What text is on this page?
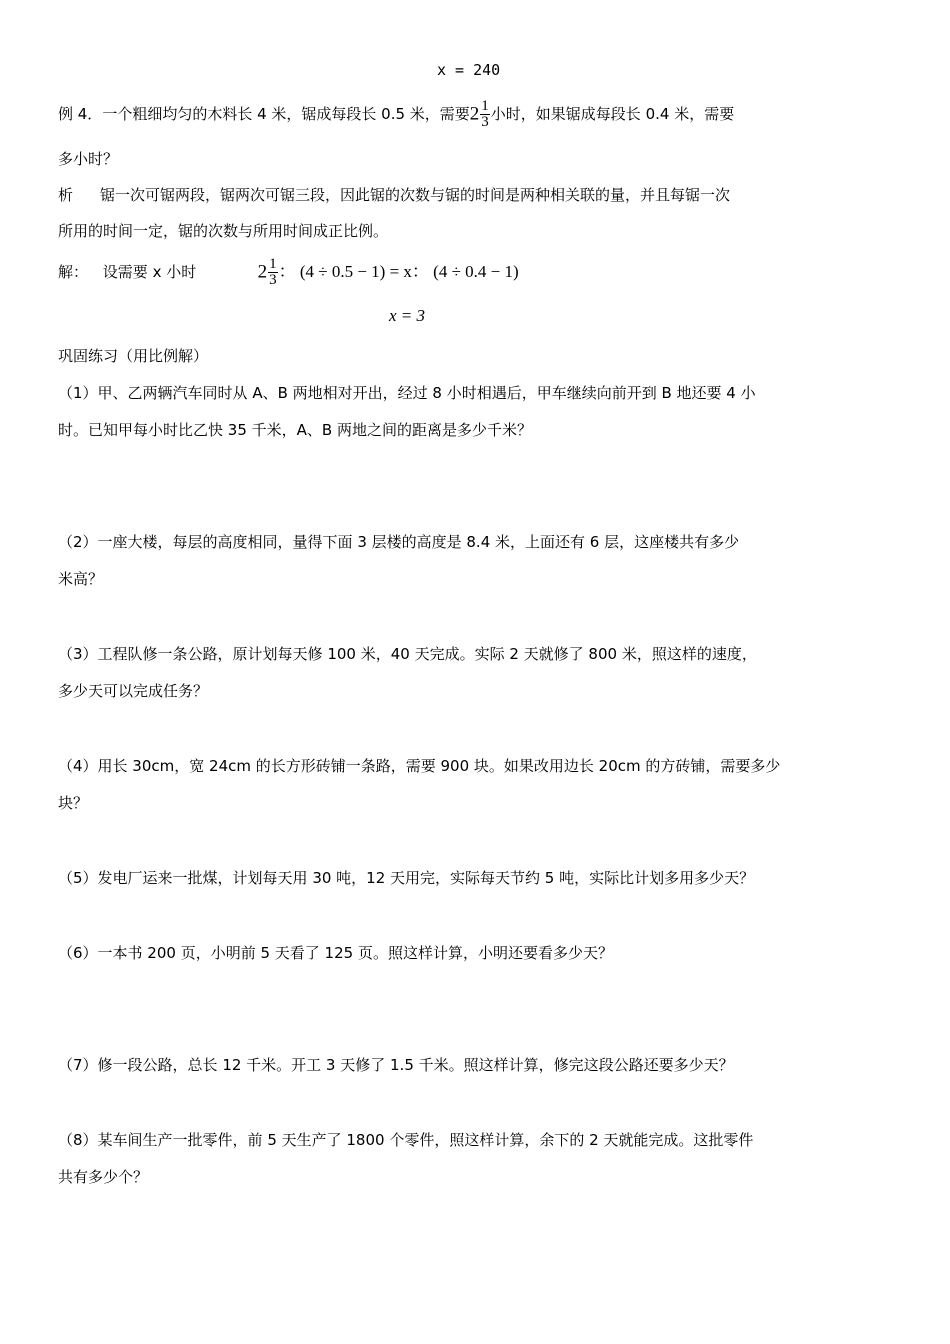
x = 240
例 4．一个粗细均匀的木料长 4 米，锯成每段长 0.5 米，需要$2 \frac{1}{3}$ 小时，如果锯成每段长 0.4 米，需要
多小时？
析 锯一次可锯两段，锯两次可锯三段，因此锯的次数与锯的时间是两种相关联的量，并且每锯一次
所用的时间一定，锯的次数与所用时间成正比例。
解： 设需要 x 小时	$2 \frac{1}{3}$ ： (4 ÷ 0.5 − 1) = x： (4 ÷ 0.4 − 1)
x = 3
巩固练习（用比例解）
（1）甲、乙两辆汽车同时从 A、B 两地相对开出，经过 8 小时相遇后，甲车继续向前开到 B 地还要 4 小
时。已知甲每小时比乙快 35 千米，A、B 两地之间的距离是多少千米？
（2）一座大楼，每层的高度相同，量得下面 3 层楼的高度是 8.4 米，上面还有 6 层，这座楼共有多少
米高？
（3）工程队修一条公路，原计划每天修 100 米，40 天完成。实际 2 天就修了 800 米，照这样的速度，
多少天可以完成任务？
（4）用长 30cm，宽 24cm 的长方形砖铺一条路，需要 900 块。如果改用边长 20cm 的方砖铺，需要多少
块？
（5）发电厂运来一批煤，计划每天用 30 吨，12 天用完，实际每天节约 5 吨，实际比计划多用多少天？
（6）一本书 200 页，小明前 5 天看了 125 页。照这样计算，小明还要看多少天？
（7）修一段公路，总长 12 千米。开工 3 天修了 1.5 千米。照这样计算，修完这段公路还要多少天？
（8）某车间生产一批零件，前 5 天生产了 1800 个零件，照这样计算，余下的 2 天就能完成。这批零件
共有多少个？
